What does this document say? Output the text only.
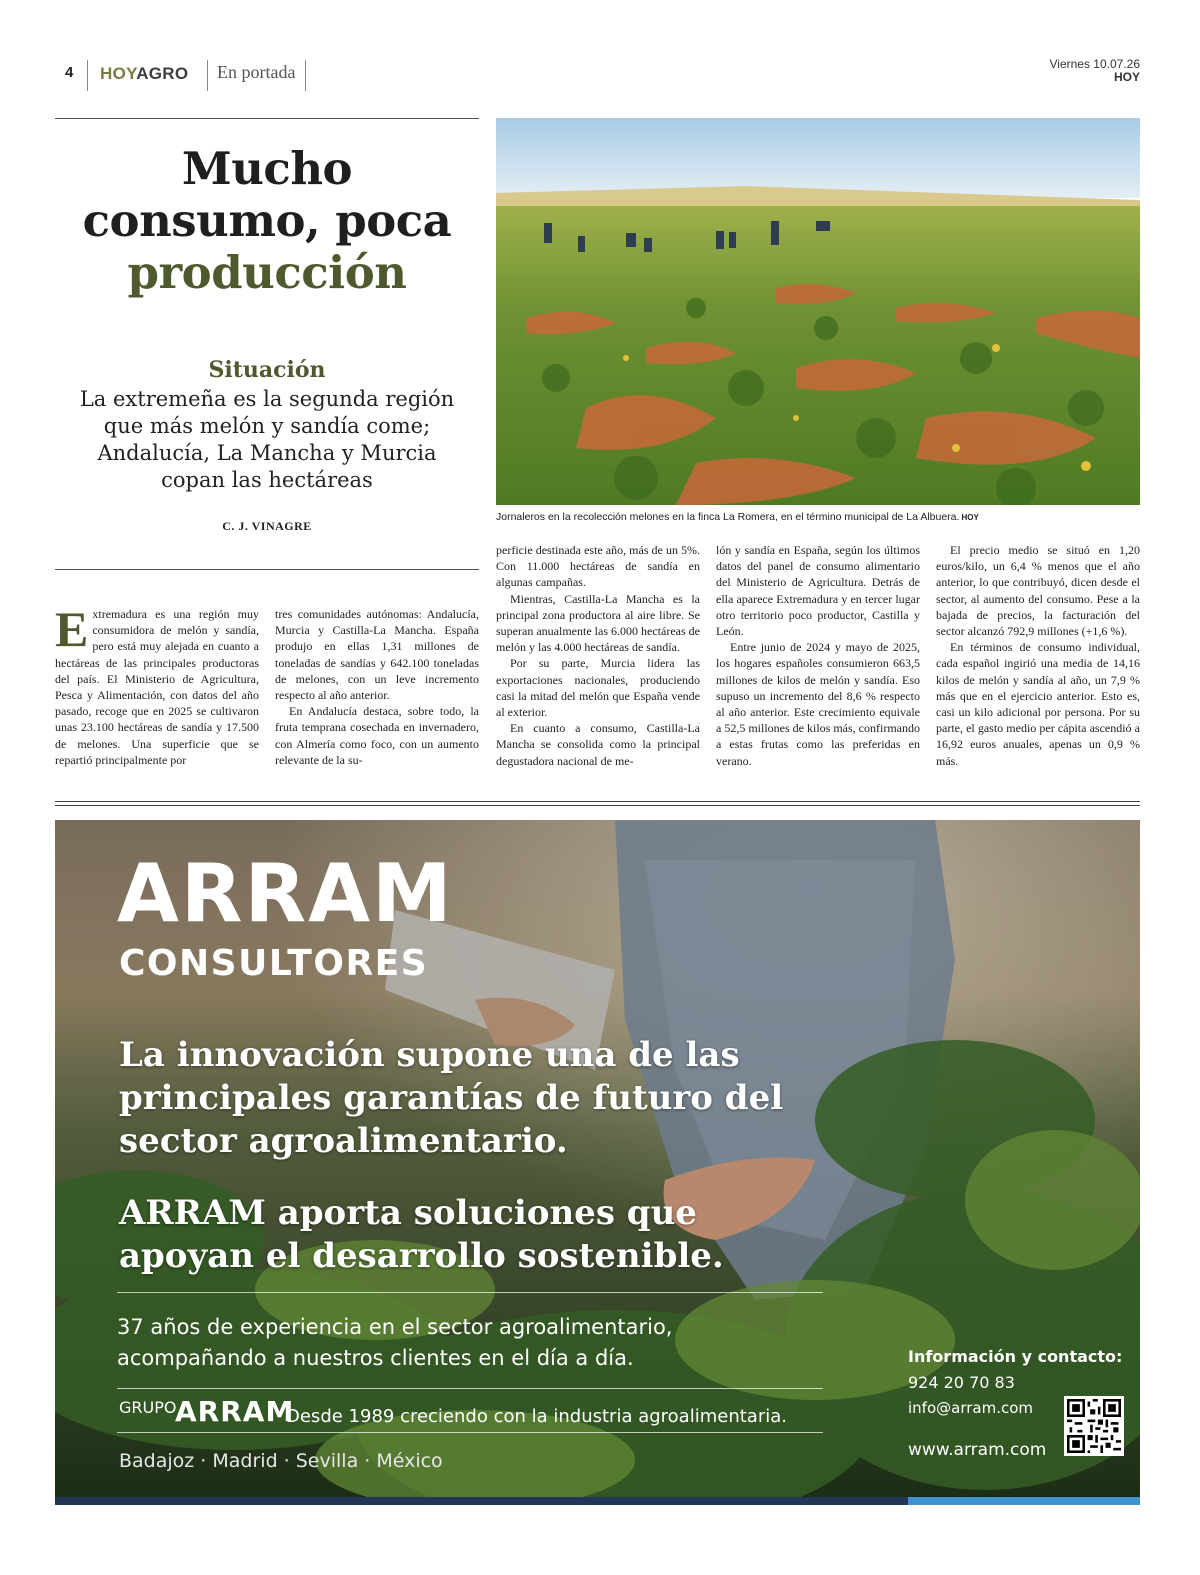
4 HOYAGRO En portada	Viernes 10.07.26
HOY
Mucho
consumo, poca
producción
Situación
La extremeña es la segunda región que más melón y sandía come; Andalucía, La Mancha y Murcia copan las hectáreas
C. J. VINAGRE
Jornaleros en la recolección melones en la finca La Romera, en el término municipal de La Albuera. HOY
E xtremadura es una región muy consumidora de melón y sandía, pero está muy alejada en cuanto a hectáreas de las principales productoras del país. El Ministerio de Agricultura, Pesca y Alimentación, con datos del año pasado, recoge que en 2025 se cultivaron unas 23.100 hectáreas de sandía y 17.500 de melones. Una superficie que se repartió principalmente por

tres comunidades autónomas: Andalucía, Murcia y Castilla-La Mancha. España produjo en ellas 1,31 millones de toneladas de sandías y 642.100 toneladas de melones, con un leve incremento respecto al año anterior.

En Andalucía destaca, sobre todo, la fruta temprana cosechada en invernadero, con Almería como foco, con un aumento relevante de la su-

perficie destinada este año, más de un 5%. Con 11.000 hectáreas de sandía en algunas campañas.

Mientras, Castilla-La Mancha es la principal zona productora al aire libre. Se superan anualmente las 6.000 hectáreas de melón y las 4.000 hectáreas de sandía.

Por su parte, Murcia lidera las exportaciones nacionales, produciendo casi la mitad del melón que España vende al exterior.

En cuanto a consumo, Castilla-La Mancha se consolida como la principal degustadora nacional de me-

lón y sandía en España, según los últimos datos del panel de consumo alimentario del Ministerio de Agricultura. Detrás de ella aparece Extremadura y en tercer lugar otro territorio poco productor, Castilla y León.

Entre junio de 2024 y mayo de 2025, los hogares españoles consumieron 663,5 millones de kilos de melón y sandía. Eso supuso un incremento del 8,6 % respecto al año anterior. Este crecimiento equivale a 52,5 millones de kilos más, confirmando a estas frutas como las preferidas en verano.

El precio medio se situó en 1,20 euros/kilo, un 6,4 % menos que el año anterior, lo que contribuyó, dicen desde el sector, al aumento del consumo. Pese a la bajada de precios, la facturación del sector alcanzó 792,9 millones (+1,6 %).

En términos de consumo individual, cada español ingirió una media de 14,16 kilos de melón y sandía al año, un 7,9 % más que en el ejercicio anterior. Esto es, casi un kilo adicional por persona. Por su parte, el gasto medio per cápita ascendió a 16,92 euros anuales, apenas un 0,9 % más.

ARRAM
CONSULTORES
La innovación supone una de las principales garantías de futuro del sector agroalimentario.
ARRAM aporta soluciones que apoyan el desarrollo sostenible.
37 años de experiencia en el sector agroalimentario,
acompañando a nuestros clientes en el día a día.
GRUPO
ARRAM
Desde 1989 creciendo con la industria agroalimentaria.
Badajoz · Madrid · Sevilla · México
Información y contacto:
924 20 70 83
info@arram.com
www.arram.com
